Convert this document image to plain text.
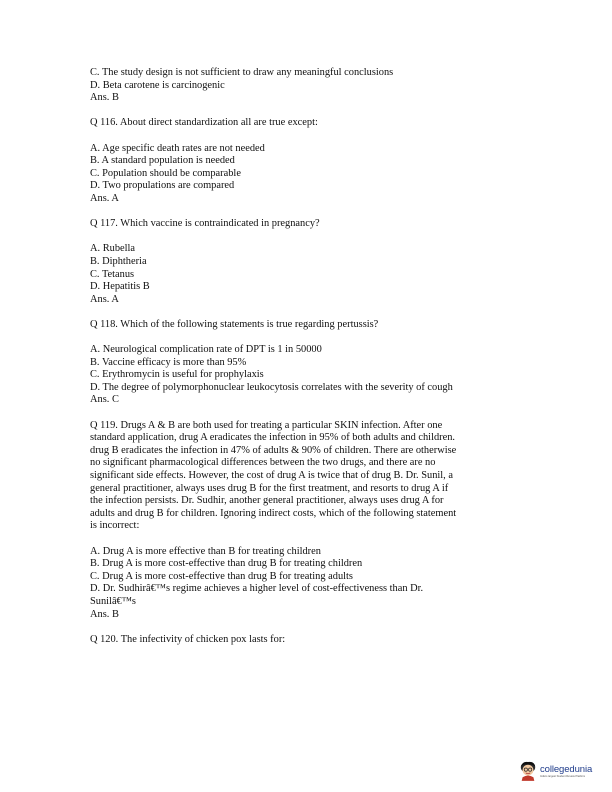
C. The study design is not sufficient to draw any meaningful conclusions
D. Beta carotene is carcinogenic
Ans. B
Q 116. About direct standardization all are true except:
A. Age specific death rates are not needed
B. A standard population is needed
C. Population should be comparable
D. Two propulations are compared
Ans. A
Q 117. Which vaccine is contraindicated in pregnancy?
A. Rubella
B. Diphtheria
C. Tetanus
D. Hepatitis B
Ans. A
Q 118. Which of the following statements is true regarding pertussis?
A. Neurological complication rate of DPT is 1 in 50000
B. Vaccine efficacy is more than 95%
C. Erythromycin is useful for prophylaxis
D. The degree of polymorphonuclear leukocytosis correlates with the severity of cough
Ans. C
Q 119. Drugs A & B are both used for treating a particular SKIN infection. After one
standard application, drug A eradicates the infection in 95% of both adults and children.
drug B eradicates the infection in 47% of adults & 90% of children. There are otherwise
no significant pharmacological differences between the two drugs, and there are no
significant side effects. However, the cost of drug A is twice that of drug B. Dr. Sunil, a
general practitioner, always uses drug B for the first treatment, and resorts to drug A if
the infection persists. Dr. Sudhir, another general practitioner, always uses drug A for
adults and drug B for children. Ignoring indirect costs, which of the following statement
is incorrect:
A. Drug A is more effective than B for treating children
B. Drug A is more cost-effective than drug B for treating children
C. Drug A is more cost-effective than drug B for treating adults
D. Dr. Sudhirâ€™s regime achieves a higher level of cost-effectiveness than Dr.
Sunilâ€™s
Ans. B
Q 120. The infectivity of chicken pox lasts for:
collegedunia
India's largest Student Review Platform
